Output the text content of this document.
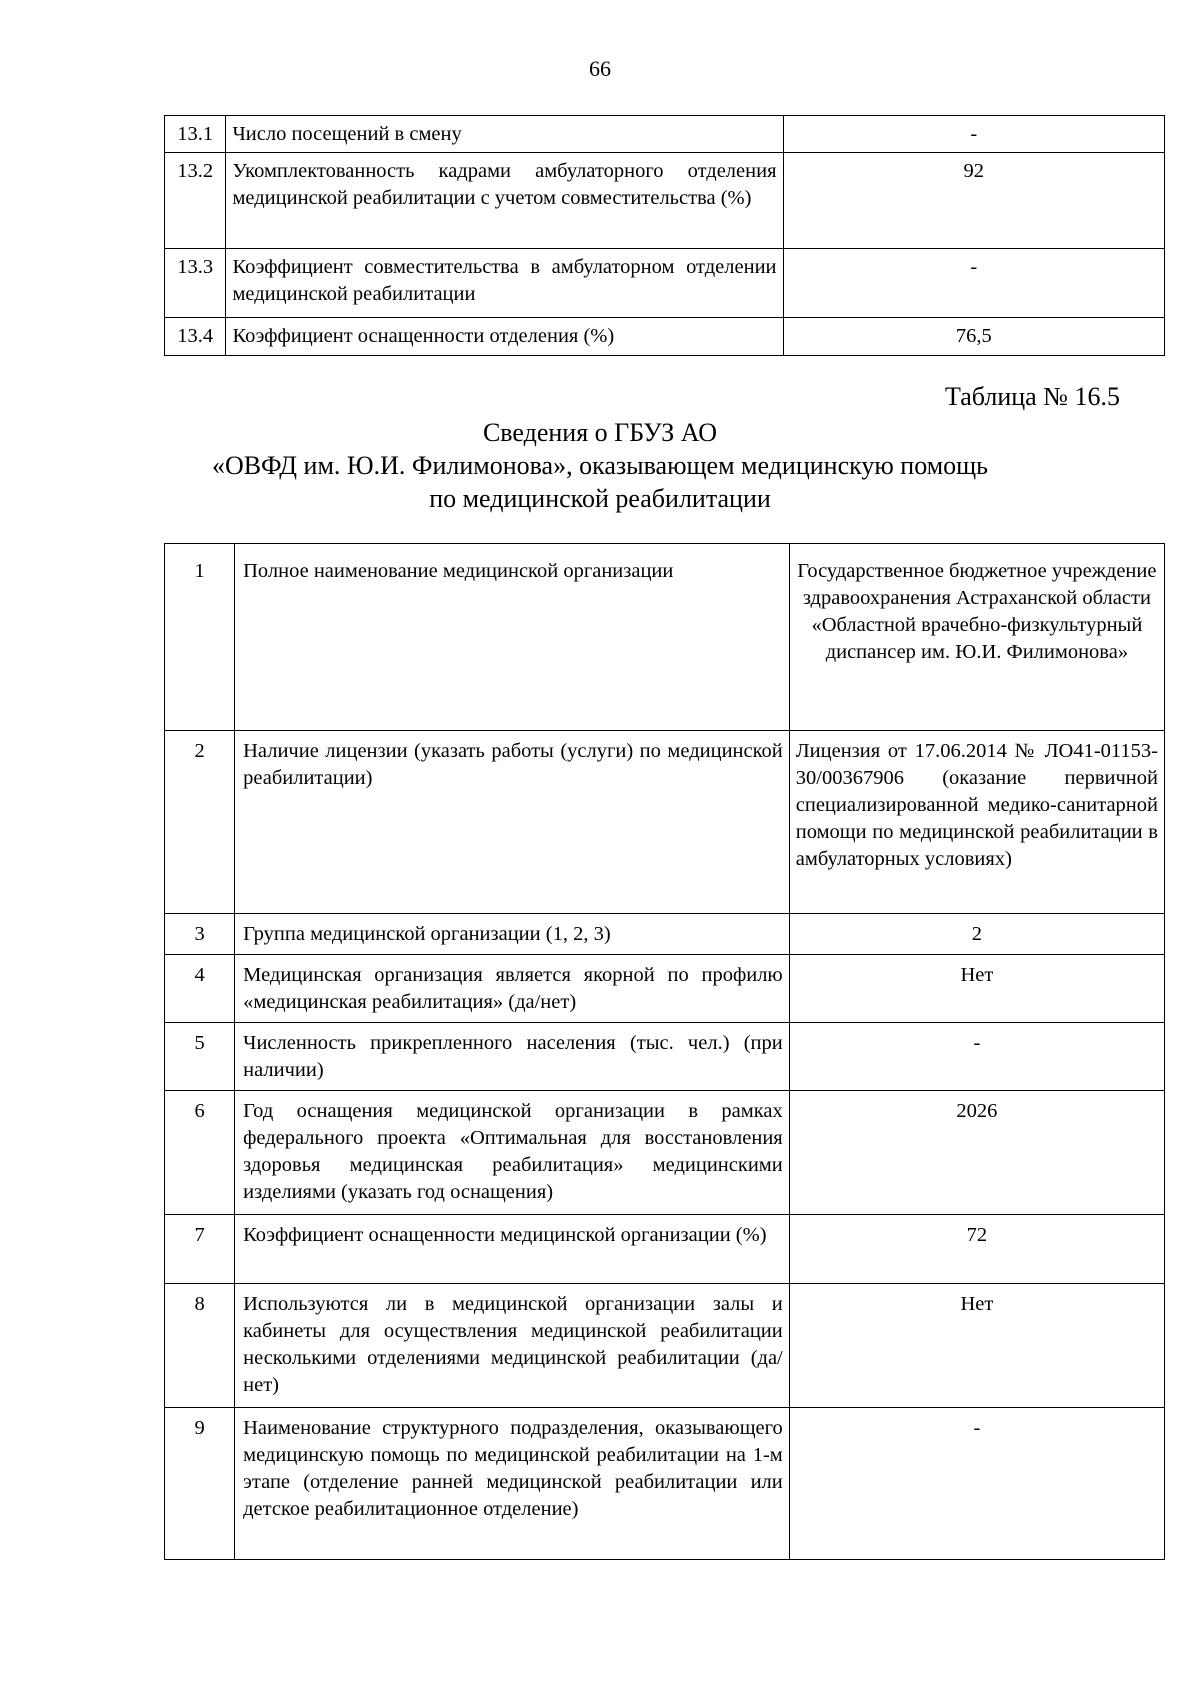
66
13.1	Число посещений в смену	-
13.2	Укомплектованность кадрами амбулаторного отделения медицинской реабилитации с учетом совместительства (%)	92
13.3	Коэффициент совместительства в амбулаторном отделении медицинской реабилитации	-
13.4	Коэффициент оснащенности отделения (%)	76,5
Таблица № 16.5
Сведения о ГБУЗ АО
«ОВФД им. Ю.И. Филимонова», оказывающем медицинскую помощь
по медицинской реабилитации
1	Полное наименование медицинской организации	Государственное бюджетное учреждение здравоохранения Астраханской области «Областной врачебно-физкультурный диспансер им. Ю.И. Филимонова»
2	Наличие лицензии (указать работы (услуги) по медицинской реабилитации)	Лицензия от 17.06.2014 № ЛО41-01153-30/00367906 (оказание первичной специализированной медико-санитарной помощи по медицинской реабилитации в амбулаторных условиях)
3	Группа медицинской организации (1, 2, 3)	2
4	Медицинская организация является якорной по профилю «медицинская реабилитация» (да/нет)	Нет
5	Численность прикрепленного населения (тыс. чел.) (при наличии)	-
6	Год оснащения медицинской организации в рамках федерального проекта «Оптимальная для восстановления здоровья медицинская реабилитация» медицинскими изделиями (указать год оснащения)	2026
7	Коэффициент оснащенности медицинской организации (%)	72
8	Используются ли в медицинской организации залы и кабинеты для осуществления медицинской реабилитации несколькими отделениями медицинской реабилитации (да/нет)	Нет
9	Наименование структурного подразделения, оказывающего медицинскую помощь по медицинской реабилитации на 1-м этапе (отделение ранней медицинской реабилитации или детское реабилитационное отделение)	-
